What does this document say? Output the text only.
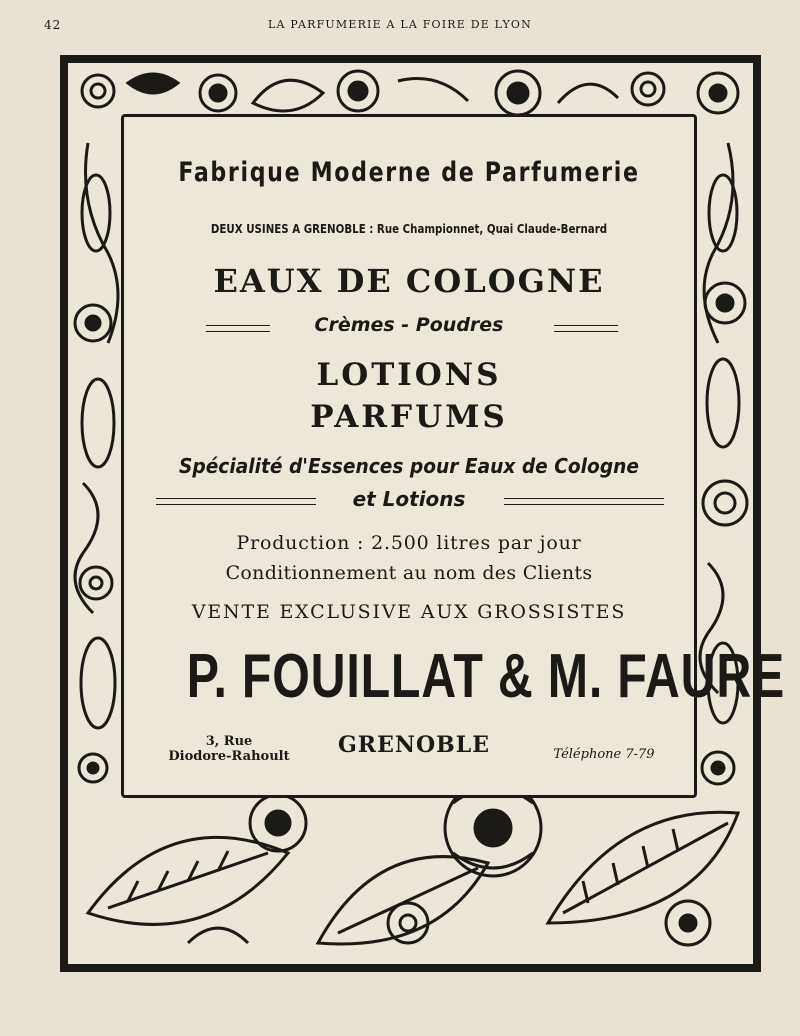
42	LA PARFUMERIE A LA FOIRE DE LYON
Fabrique Moderne de Parfumerie
DEUX USINES A GRENOBLE : Rue Championnet, Quai Claude-Bernard
EAUX DE COLOGNE
Crèmes - Poudres
LOTIONS
PARFUMS
Spécialité d'Essences pour Eaux de Cologne
et Lotions
Production : 2.500 litres par jour
Conditionnement au nom des Clients
VENTE EXCLUSIVE AUX GROSSISTES
P. FOUILLAT & M. FAURE
3, Rue
Diodore-Rahoult	GRENOBLE	Téléphone 7-79
